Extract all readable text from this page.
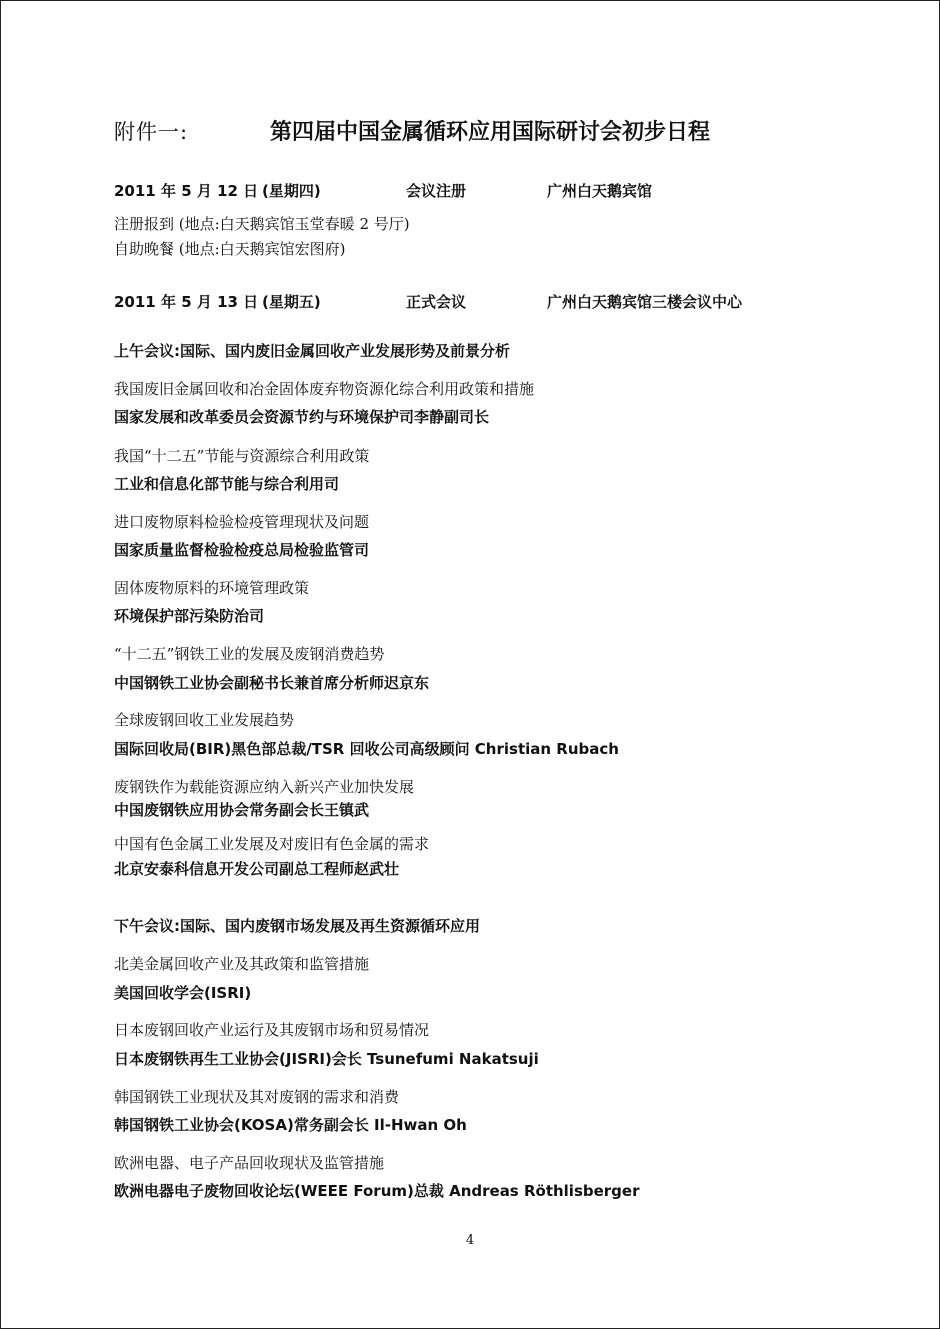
附件一:	第四届中国金属循环应用国际研讨会初步日程
2011 年 5 月 12 日 (星期四)	会议注册	广州白天鹅宾馆
注册报到 (地点:白天鹅宾馆玉堂春暖 2 号厅)
自助晚餐 (地点:白天鹅宾馆宏图府)
2011 年 5 月 13 日 (星期五)	正式会议	广州白天鹅宾馆三楼会议中心
上午会议:国际、国内废旧金属回收产业发展形势及前景分析
我国废旧金属回收和冶金固体废弃物资源化综合利用政策和措施
国家发展和改革委员会资源节约与环境保护司李静副司长
我国“十二五”节能与资源综合利用政策
工业和信息化部节能与综合利用司
进口废物原料检验检疫管理现状及问题
国家质量监督检验检疫总局检验监管司
固体废物原料的环境管理政策
环境保护部污染防治司
“十二五”钢铁工业的发展及废钢消费趋势
中国钢铁工业协会副秘书长兼首席分析师迟京东
全球废钢回收工业发展趋势
国际回收局(BIR)黑色部总裁/TSR 回收公司高级顾问 Christian Rubach
废钢铁作为载能资源应纳入新兴产业加快发展
中国废钢铁应用协会常务副会长王镇武
中国有色金属工业发展及对废旧有色金属的需求
北京安泰科信息开发公司副总工程师赵武壮
下午会议:国际、国内废钢市场发展及再生资源循环应用
北美金属回收产业及其政策和监管措施
美国回收学会(ISRI)
日本废钢回收产业运行及其废钢市场和贸易情况
日本废钢铁再生工业协会(JISRI)会长 Tsunefumi Nakatsuji
韩国钢铁工业现状及其对废钢的需求和消费
韩国钢铁工业协会(KOSA)常务副会长 Il-Hwan Oh
欧洲电器、电子产品回收现状及监管措施
欧洲电器电子废物回收论坛(WEEE Forum)总裁 Andreas Röthlisberger
4
